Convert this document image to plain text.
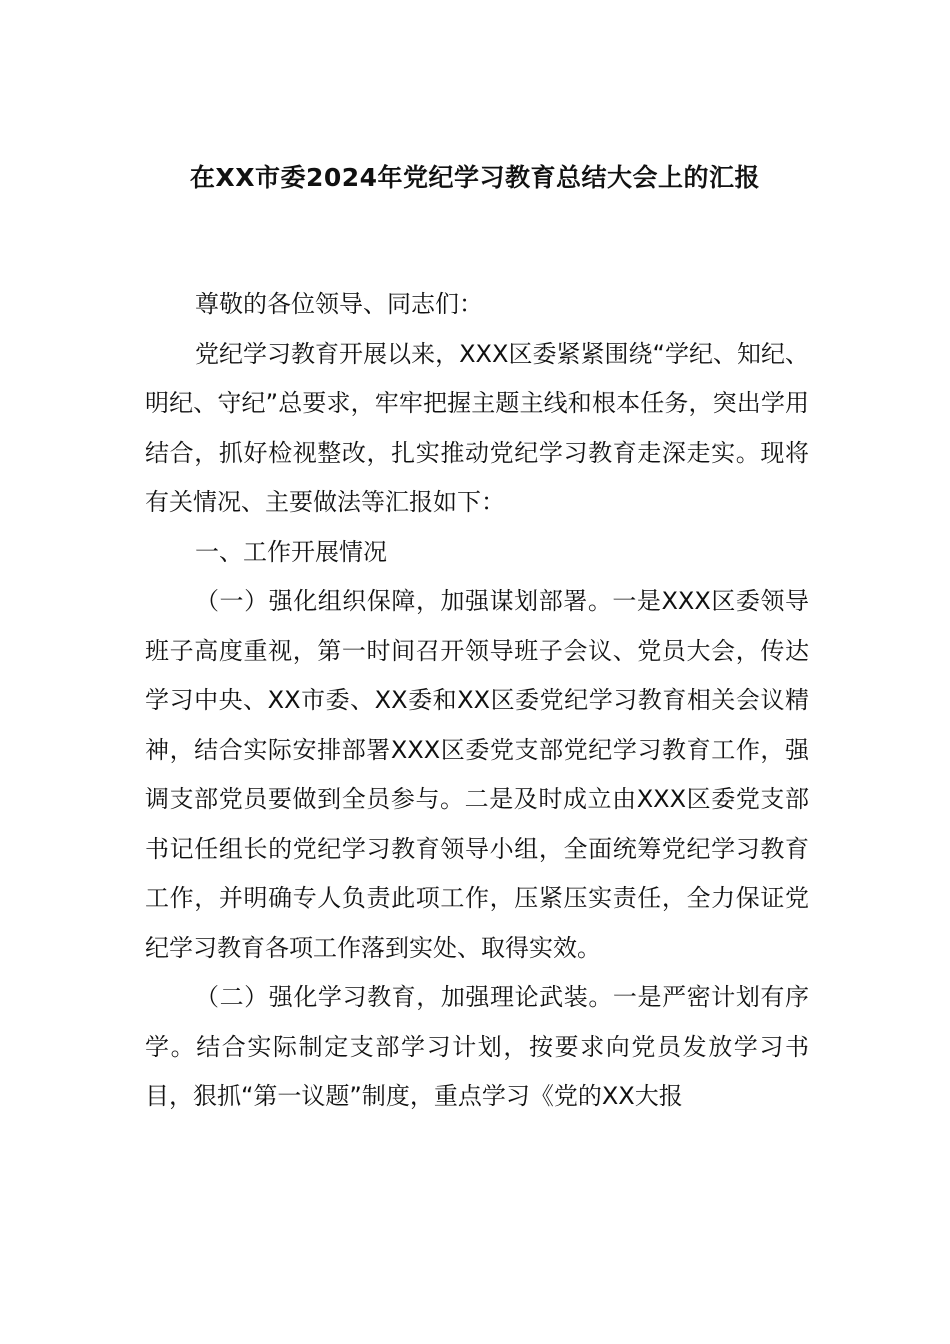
在XX市委2024年党纪学习教育总结大会上的汇报

尊敬的各位领导、同志们：

党纪学习教育开展以来，XXX区委紧紧围绕“学纪、知纪、明纪、守纪”总要求，牢牢把握主题主线和根本任务，突出学用结合，抓好检视整改，扎实推动党纪学习教育走深走实。现将有关情况、主要做法等汇报如下：

一、工作开展情况

（一）强化组织保障，加强谋划部署。一是XXX区委领导班子高度重视，第一时间召开领导班子会议、党员大会，传达学习中央、XX市委、XX委和XX区委党纪学习教育相关会议精神，结合实际安排部署XXX区委党支部党纪学习教育工作，强调支部党员要做到全员参与。二是及时成立由XXX区委党支部书记任组长的党纪学习教育领导小组，全面统筹党纪学习教育工作，并明确专人负责此项工作，压紧压实责任，全力保证党纪学习教育各项工作落到实处、取得实效。

（二）强化学习教育，加强理论武装。一是严密计划有序学。结合实际制定支部学习计划，按要求向党员发放学习书目，狠抓“第一议题”制度，重点学习《党的XX大报
